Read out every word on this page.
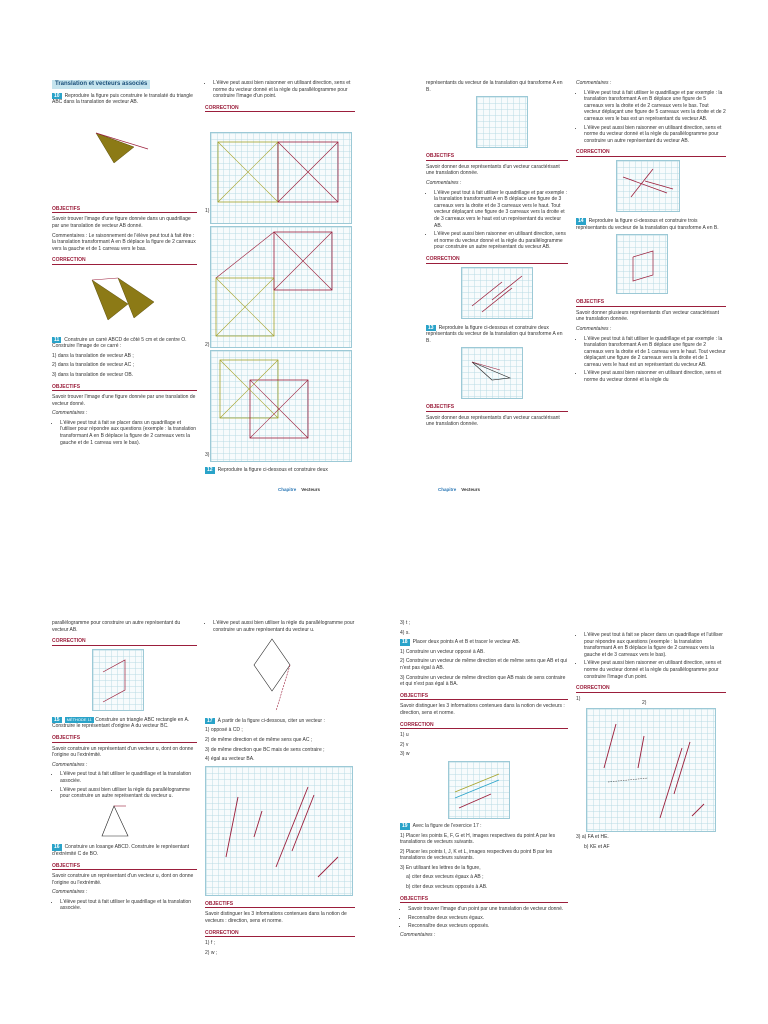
Translation et vecteurs associés

10 Reproduire la figure puis construire le translaté du triangle ABC dans la translation de vecteur AB.

OBJECTIFS

Savoir trouver l'image d'une figure donnée dans un quadrillage par une translation de vecteur AB donné.

Commentaires : Le raisonnement de l'élève peut tout à fait être : la translation transformant A en B déplace la figure de 2 carreaux vers la gauche et de 1 carreau vers le bas.

CORRECTION

11 Construire un carré ABCD de côté 5 cm et de centre O. Construire l'image de ce carré :

1) dans la translation de vecteur AB ;

2) dans la translation de vecteur AC ;

3) dans la translation de vecteur OB.

OBJECTIFS

Savoir trouver l'image d'une figure donnée par une translation de vecteur donné.

Commentaires :

• L'élève peut tout à fait se placer dans un quadrillage et l'utiliser pour répondre aux questions (exemple : la translation transformant A en B déplace la figure de 2 carreaux vers la gauche et de 1 carreau vers le bas).
• L'élève peut aussi bien raisonner en utilisant direction, sens et norme du vecteur donné et la règle du parallélogramme pour construire l'image d'un point.
CORRECTION
1)
2)
3)

12 Reproduire la figure ci-dessous et construire deux

Chapitre Vecteurs

représentants du vecteur de la translation qui transforme A en B.

OBJECTIFS

Savoir donner deux représentants d'un vecteur caractérisant une translation donnée.

Commentaires :

• L'élève peut tout à fait utiliser le quadrillage et par exemple : la translation transformant A en B déplace une figure de 3 carreaux vers la droite et de 3 carreaux vers le haut. Tout vecteur déplaçant une figure de 3 carreaux vers la droite et de 3 carreaux vers le haut est un représentant du vecteur AB.
• L'élève peut aussi bien raisonner en utilisant direction, sens et norme du vecteur donné et la règle du parallélogramme pour construire un autre représentant du vecteur AB.
CORRECTION

13 Reproduire la figure ci-dessous et construire deux représentants du vecteur de la translation qui transforme A en B.

OBJECTIFS

Savoir donner deux représentants d'un vecteur caractérisant une translation donnée.

Commentaires :

• L'élève peut tout à fait utiliser le quadrillage et par exemple : la translation transformant A en B déplace une figure de 5 carreaux vers la droite et de 2 carreaux vers le bas. Tout vecteur déplaçant une figure de 5 carreaux vers la droite et de 2 carreaux vers le bas est un représentant du vecteur AB.
• L'élève peut aussi bien raisonner en utilisant direction, sens et norme du vecteur donné et la règle du parallélogramme pour construire un autre représentant du vecteur AB.
CORRECTION

14 Reproduire la figure ci-dessous et construire trois représentants du vecteur de la translation qui transforme A en B.

OBJECTIFS

Savoir donner plusieurs représentants d'un vecteur caractérisant une translation donnée.

Commentaires :

• L'élève peut tout à fait utiliser le quadrillage et par exemple : la translation transformant A en B déplace une figure de 2 carreaux vers la droite et de 1 carreau vers le haut. Tout vecteur déplaçant une figure de 2 carreaux vers la droite et de 1 carreau vers le haut est un représentant du vecteur AB.
• L'élève peut aussi bien raisonner en utilisant direction, sens et norme du vecteur donné et la règle du
Chapitre Vecteurs

parallélogramme pour construire un autre représentant du vecteur AB.

CORRECTION

15 MÉTHODE 11 Construire un triangle ABC rectangle en A. Construire le représentant d'origine A du vecteur BC.

OBJECTIFS

Savoir construire un représentant d'un vecteur u, dont on donne l'origine ou l'extrémité.

Commentaires :

• L'élève peut tout à fait utiliser le quadrillage et la translation associée.
• L'élève peut aussi bien utiliser la règle du parallélogramme pour construire un autre représentant du vecteur u.

16 Construire un losange ABCD. Construire le représentant d'extrémité C de BO.

OBJECTIFS

Savoir construire un représentant d'un vecteur u, dont on donne l'origine ou l'extrémité.

Commentaires :

• L'élève peut tout à fait utiliser le quadrillage et la translation associée.
• L'élève peut aussi bien utiliser la règle du parallélogramme pour construire un autre représentant du vecteur u.

17 À partir de la figure ci-dessous, citer un vecteur :

1) opposé à CD ;

2) de même direction et de même sens que AC ;

3) de même direction que BC mais de sens contraire ;

4) égal au vecteur BA.

OBJECTIFS

Savoir distinguer les 3 informations contenues dans la notion de vecteurs : direction, sens et norme.

CORRECTION

1) f ;

2) w ;

3) t ;

4) s.

18 Placer deux points A et B et tracer le vecteur AB.

1) Construire un vecteur opposé à AB.

2) Construire un vecteur de même direction et de même sens que AB et qui n'est pas égal à AB.

3) Construire un vecteur de même direction que AB mais de sens contraire et qui n'est pas égal à BA.

OBJECTIFS

Savoir distinguer les 3 informations contenues dans la notion de vecteurs : direction, sens et norme.

CORRECTION

1) u

2) v

3) w

19 Avec la figure de l'exercice 17 :

1) Placer les points E, F, G et H, images respectives du point A par les translations de vecteurs suivants.

2) Placer les points I, J, K et L, images respectives du point B par les translations de vecteurs suivants.

3) En utilisant les lettres de la figure,

a) citer deux vecteurs égaux à AB ;

b) citer deux vecteurs opposés à AB.

OBJECTIFS
• Savoir trouver l'image d'un point par une translation de vecteur donné.
• Reconnaître deux vecteurs égaux.
• Reconnaître deux vecteurs opposés.

Commentaires :

• L'élève peut tout à fait se placer dans un quadrillage et l'utiliser pour répondre aux questions (exemple : la translation transformant A en B déplace la figure de 2 carreaux vers la gauche et de 3 carreaux vers le bas).
• L'élève peut aussi bien raisonner en utilisant direction, sens et norme du vecteur donné et la règle du parallélogramme pour construire l'image d'un point.
CORRECTION
1)
2)

3) a) FA et HE.

b) KE et AF
